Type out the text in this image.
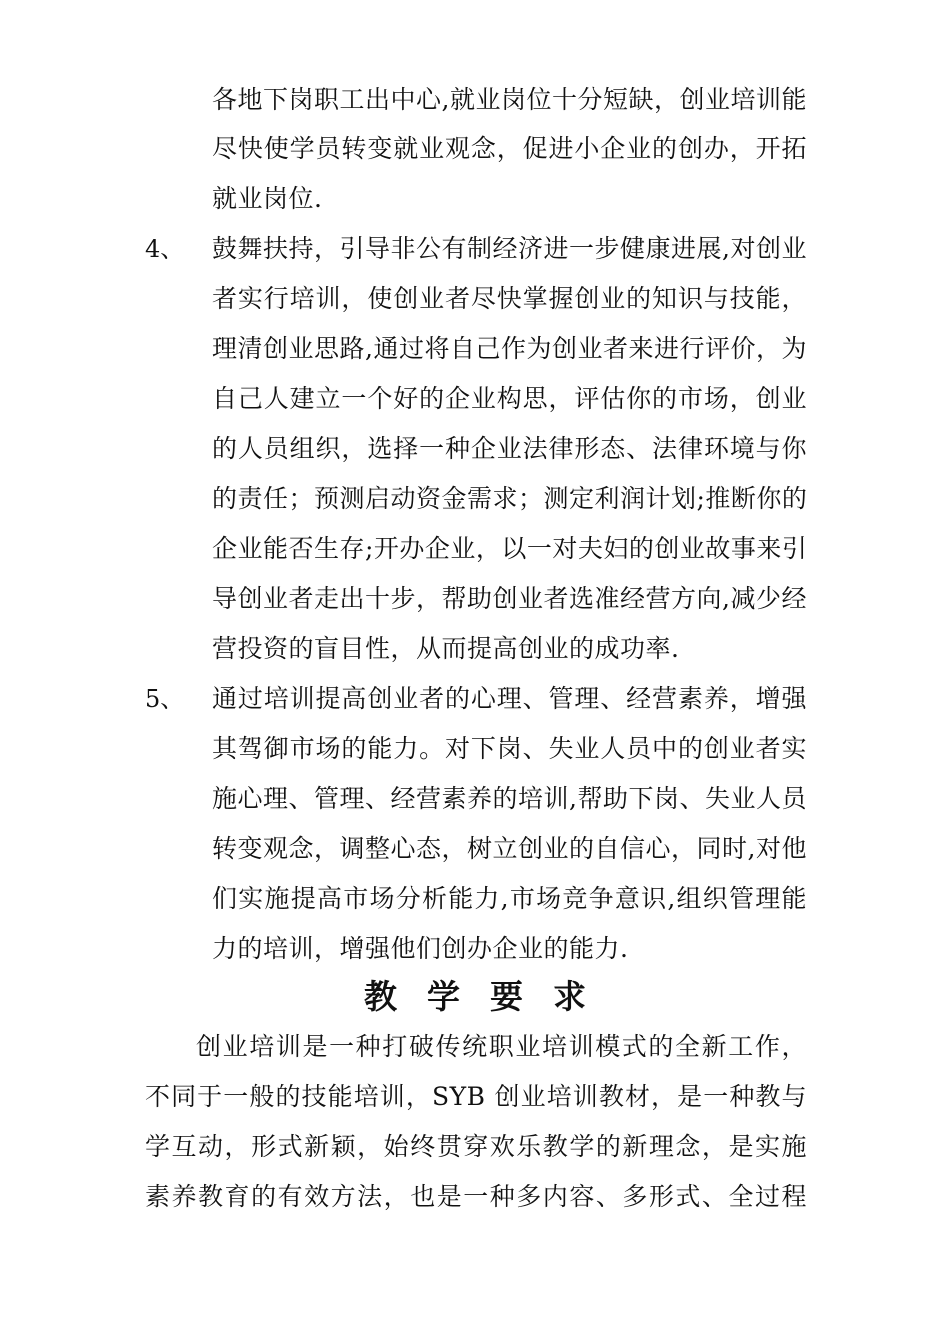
各地下岗职工出中心,就业岗位十分短缺，创业培训能
尽快使学员转变就业观念，促进小企业的创办，开拓
就业岗位.
4、 鼓舞扶持，引导非公有制经济进一步健康进展,对创业
者实行培训，使创业者尽快掌握创业的知识与技能，
理清创业思路,通过将自己作为创业者来进行评价，为
自己人建立一个好的企业构思，评估你的市场，创业
的人员组织，选择一种企业法律形态、法律环境与你
的责任；预测启动资金需求；测定利润计划;推断你的
企业能否生存;开办企业，以一对夫妇的创业故事来引
导创业者走出十步，帮助创业者选准经营方向,减少经
营投资的盲目性，从而提高创业的成功率.
5、 通过培训提高创业者的心理、管理、经营素养，增强
其驾御市场的能力。对下岗、失业人员中的创业者实
施心理、管理、经营素养的培训,帮助下岗、失业人员
转变观念，调整心态，树立创业的自信心，同时,对他
们实施提高市场分析能力,市场竞争意识,组织管理能
力的培训，增强他们创办企业的能力.
教学要求
创业培训是一种打破传统职业培训模式的全新工作，
不同于一般的技能培训，SYB 创业培训教材，是一种教与
学互动，形式新颖，始终贯穿欢乐教学的新理念，是实施
素养教育的有效方法，也是一种多内容、多形式、全过程
